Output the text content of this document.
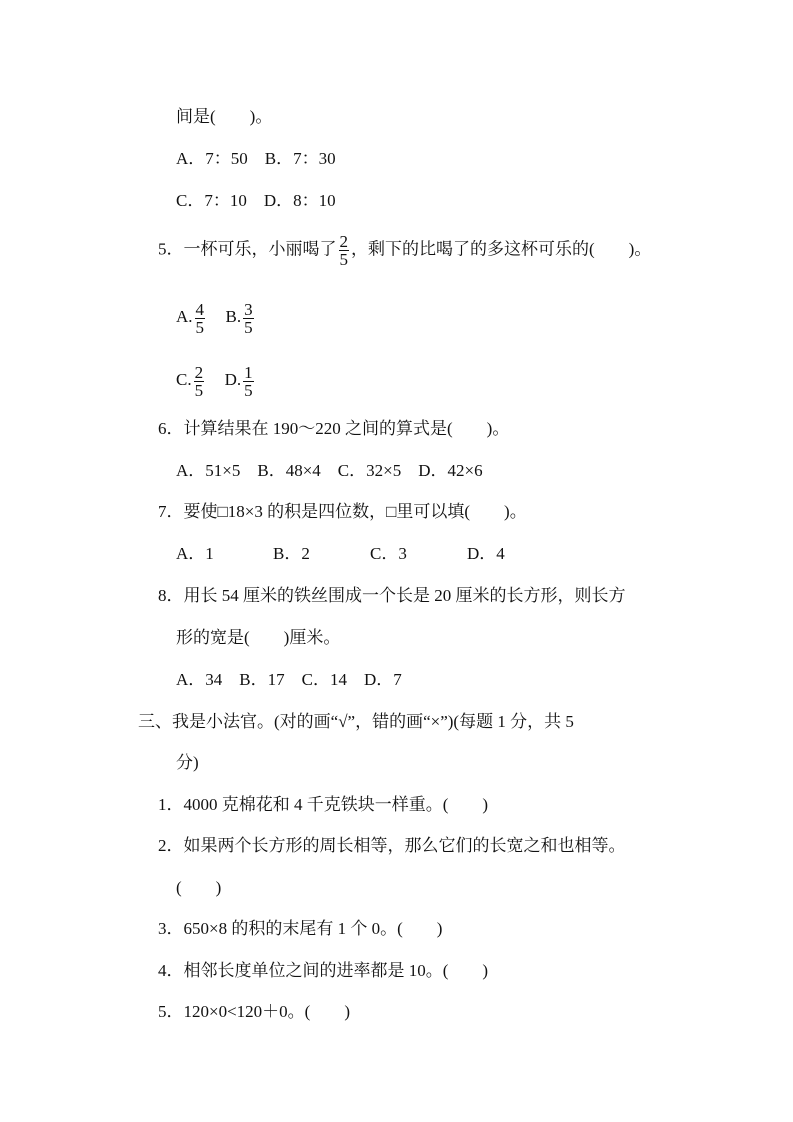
间是(　　)。
A．7：50　B．7：30
C．7：10　D．8：10
5．一杯可乐，小丽喝了 $\frac{2}{5}$ ，剩下的比喝了的多这杯可乐的(　　)。
A. $\frac{4}{5} B$. $\frac{3}{5}$
C. $\frac{2}{5} D$. $\frac{1}{5}$
6．计算结果在 190～220 之间的算式是(　　)。
A．51×5　B．48×4　C．32×5　D．42×6
7．要使□18×3 的积是四位数，□里可以填(　　)。
A．1	B．2	C．3	D．4
8．用长 54 厘米的铁丝围成一个长是 20 厘米的长方形，则长方
形的宽是(　　)厘米。
A．34　B．17　C．14　D．7
三、我是小法官。(对的画“√”，错的画“×”)(每题 1 分，共 5
分)
1．4000 克棉花和 4 千克铁块一样重。(　　)
2．如果两个长方形的周长相等，那么它们的长宽之和也相等。
(　　)
3．650×8 的积的末尾有 1 个 0。(　　)
4．相邻长度单位之间的进率都是 10。(　　)
5．120×0<120＋0。(　　)
